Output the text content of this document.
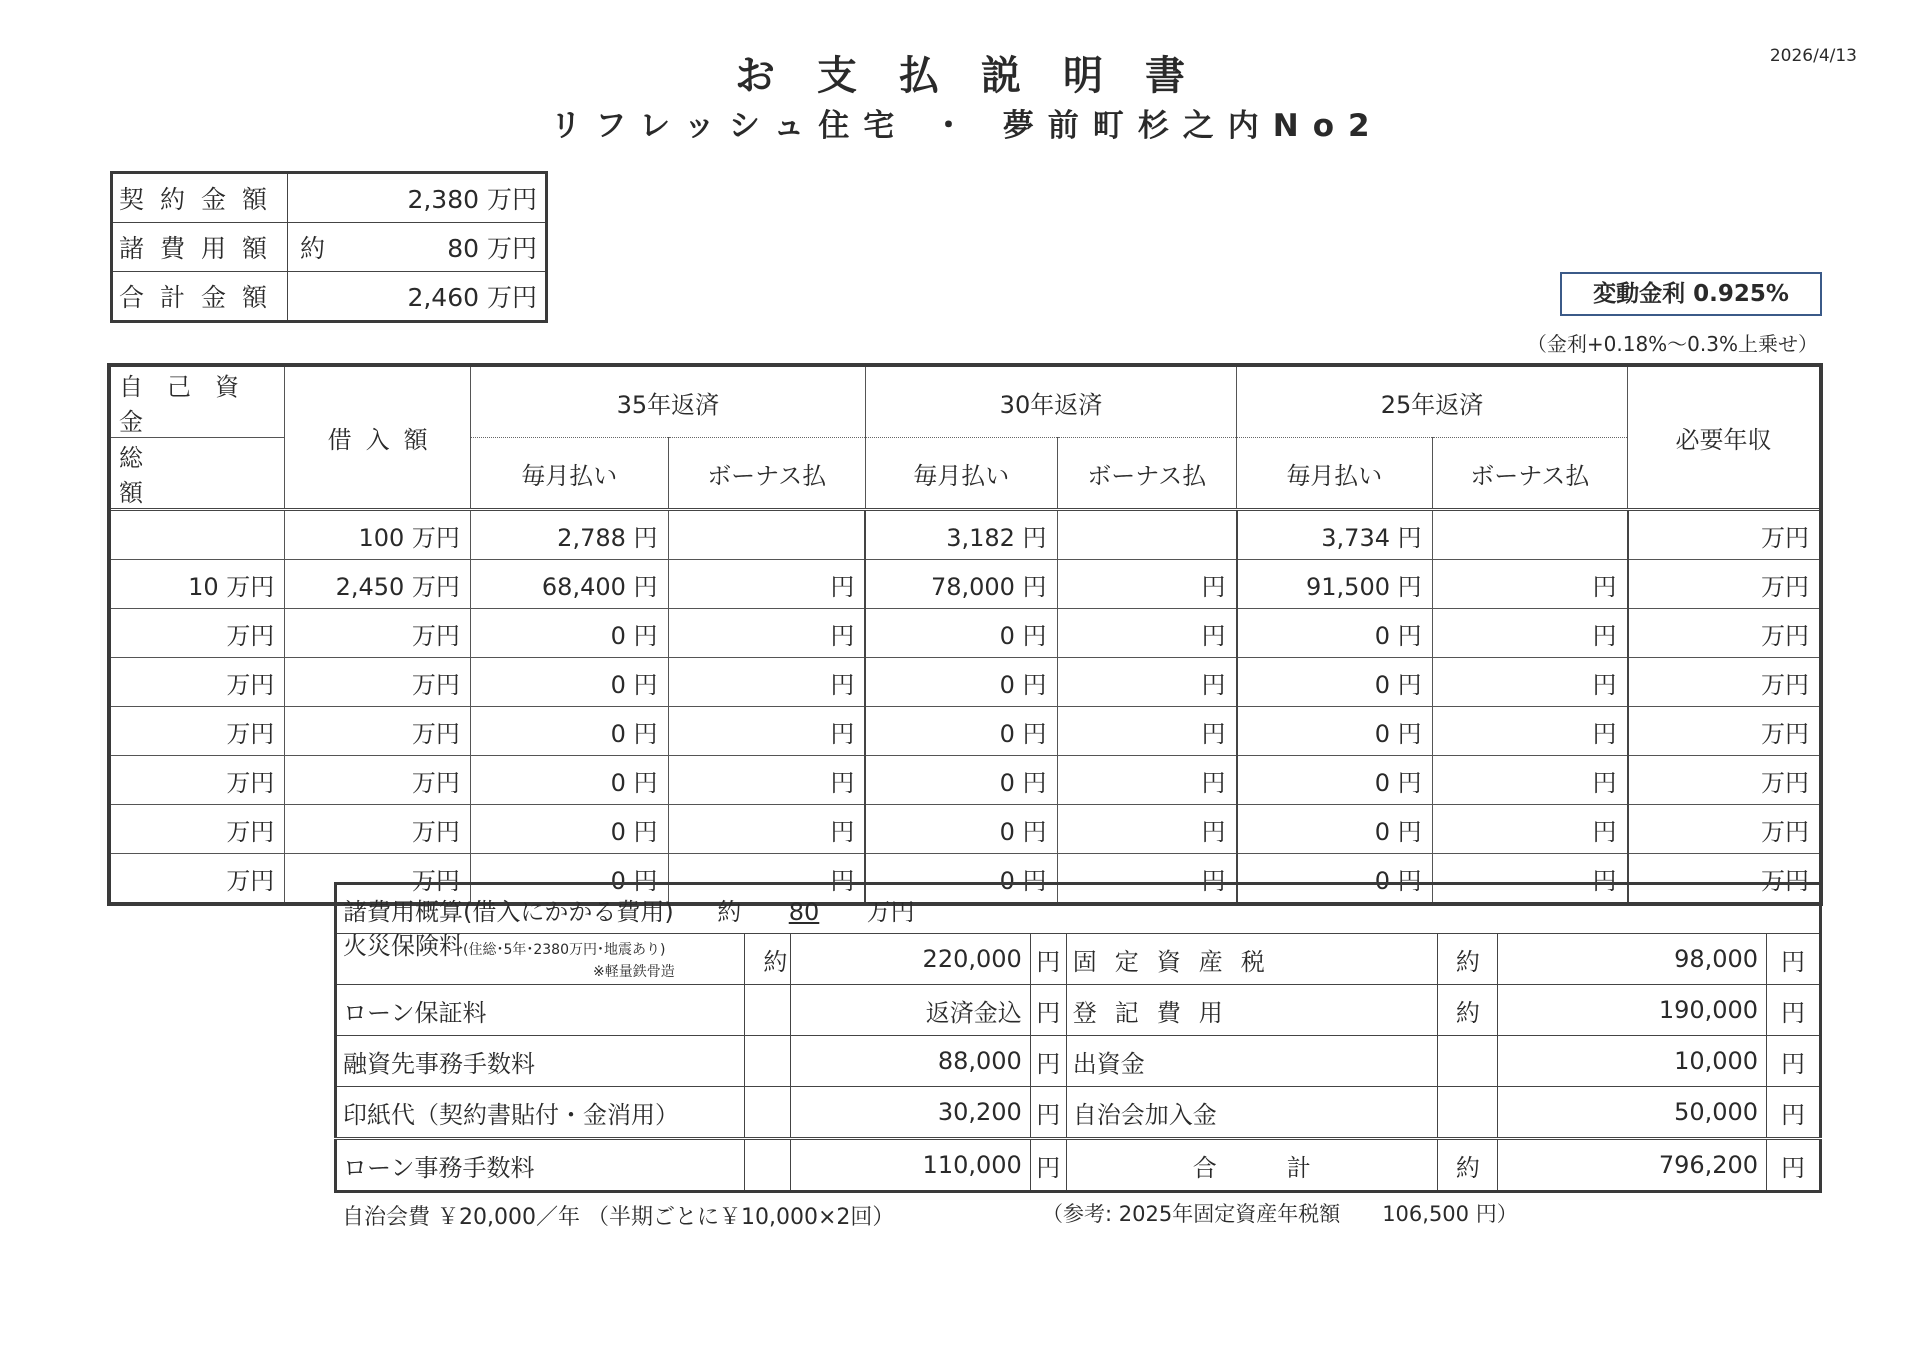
お支払説明書
リフレッシュ住宅 ・ 夢前町杉之内No2
2026/4/13
契約金額	2,380 万円
諸費用額	約 80 万円
合計金額	2,460 万円	変動金利 0.925%
（金利+0.18%～0.3%上乗せ）
自己資金	借入額	35年返済		30年返済		25年返済		必要年収
総額		毎月払い	ボーナス払	毎月払い	ボーナス払	毎月払い	ボーナス払	
	100 万円	2,788 円		3,182 円		3,734 円		万円
10 万円	2,450 万円	68,400 円	円	78,000 円	円	91,500 円	円	万円
万円	万円	0 円	円	0 円	円	0 円	円	万円
万円	万円	0 円	円	0 円	円	0 円	円	万円
万円	万円	0 円	円	0 円	円	0 円	円	万円
万円	万円	0 円	円	0 円	円	0 円	円	万円
万円	万円	0 円	円	0 円	円	0 円	円	万円
万円	万円	0 円	円	0 円	円	0 円	円	万円
諸費用概算(借入にかかる費用) 約 80 万円							
火災保険料(住総･5年･2380万円･地震あり)
※軽量鉄骨造	約	220,000	円	固定資産税	約	98,000	円
ローン保証料		返済金込	円	登記費用	約	190,000	円
融資先事務手数料		88,000	円	出資金		10,000	円
印紙代（契約書貼付・金消用）		30,200	円	自治会加入金		50,000	円
ローン事務手数料		110,000	円	合計	約	796,200	円
自治会費 ￥20,000／年 （半期ごとに￥10,000×2回）	（参考: 2025年固定資産年税額　　106,500 円）
